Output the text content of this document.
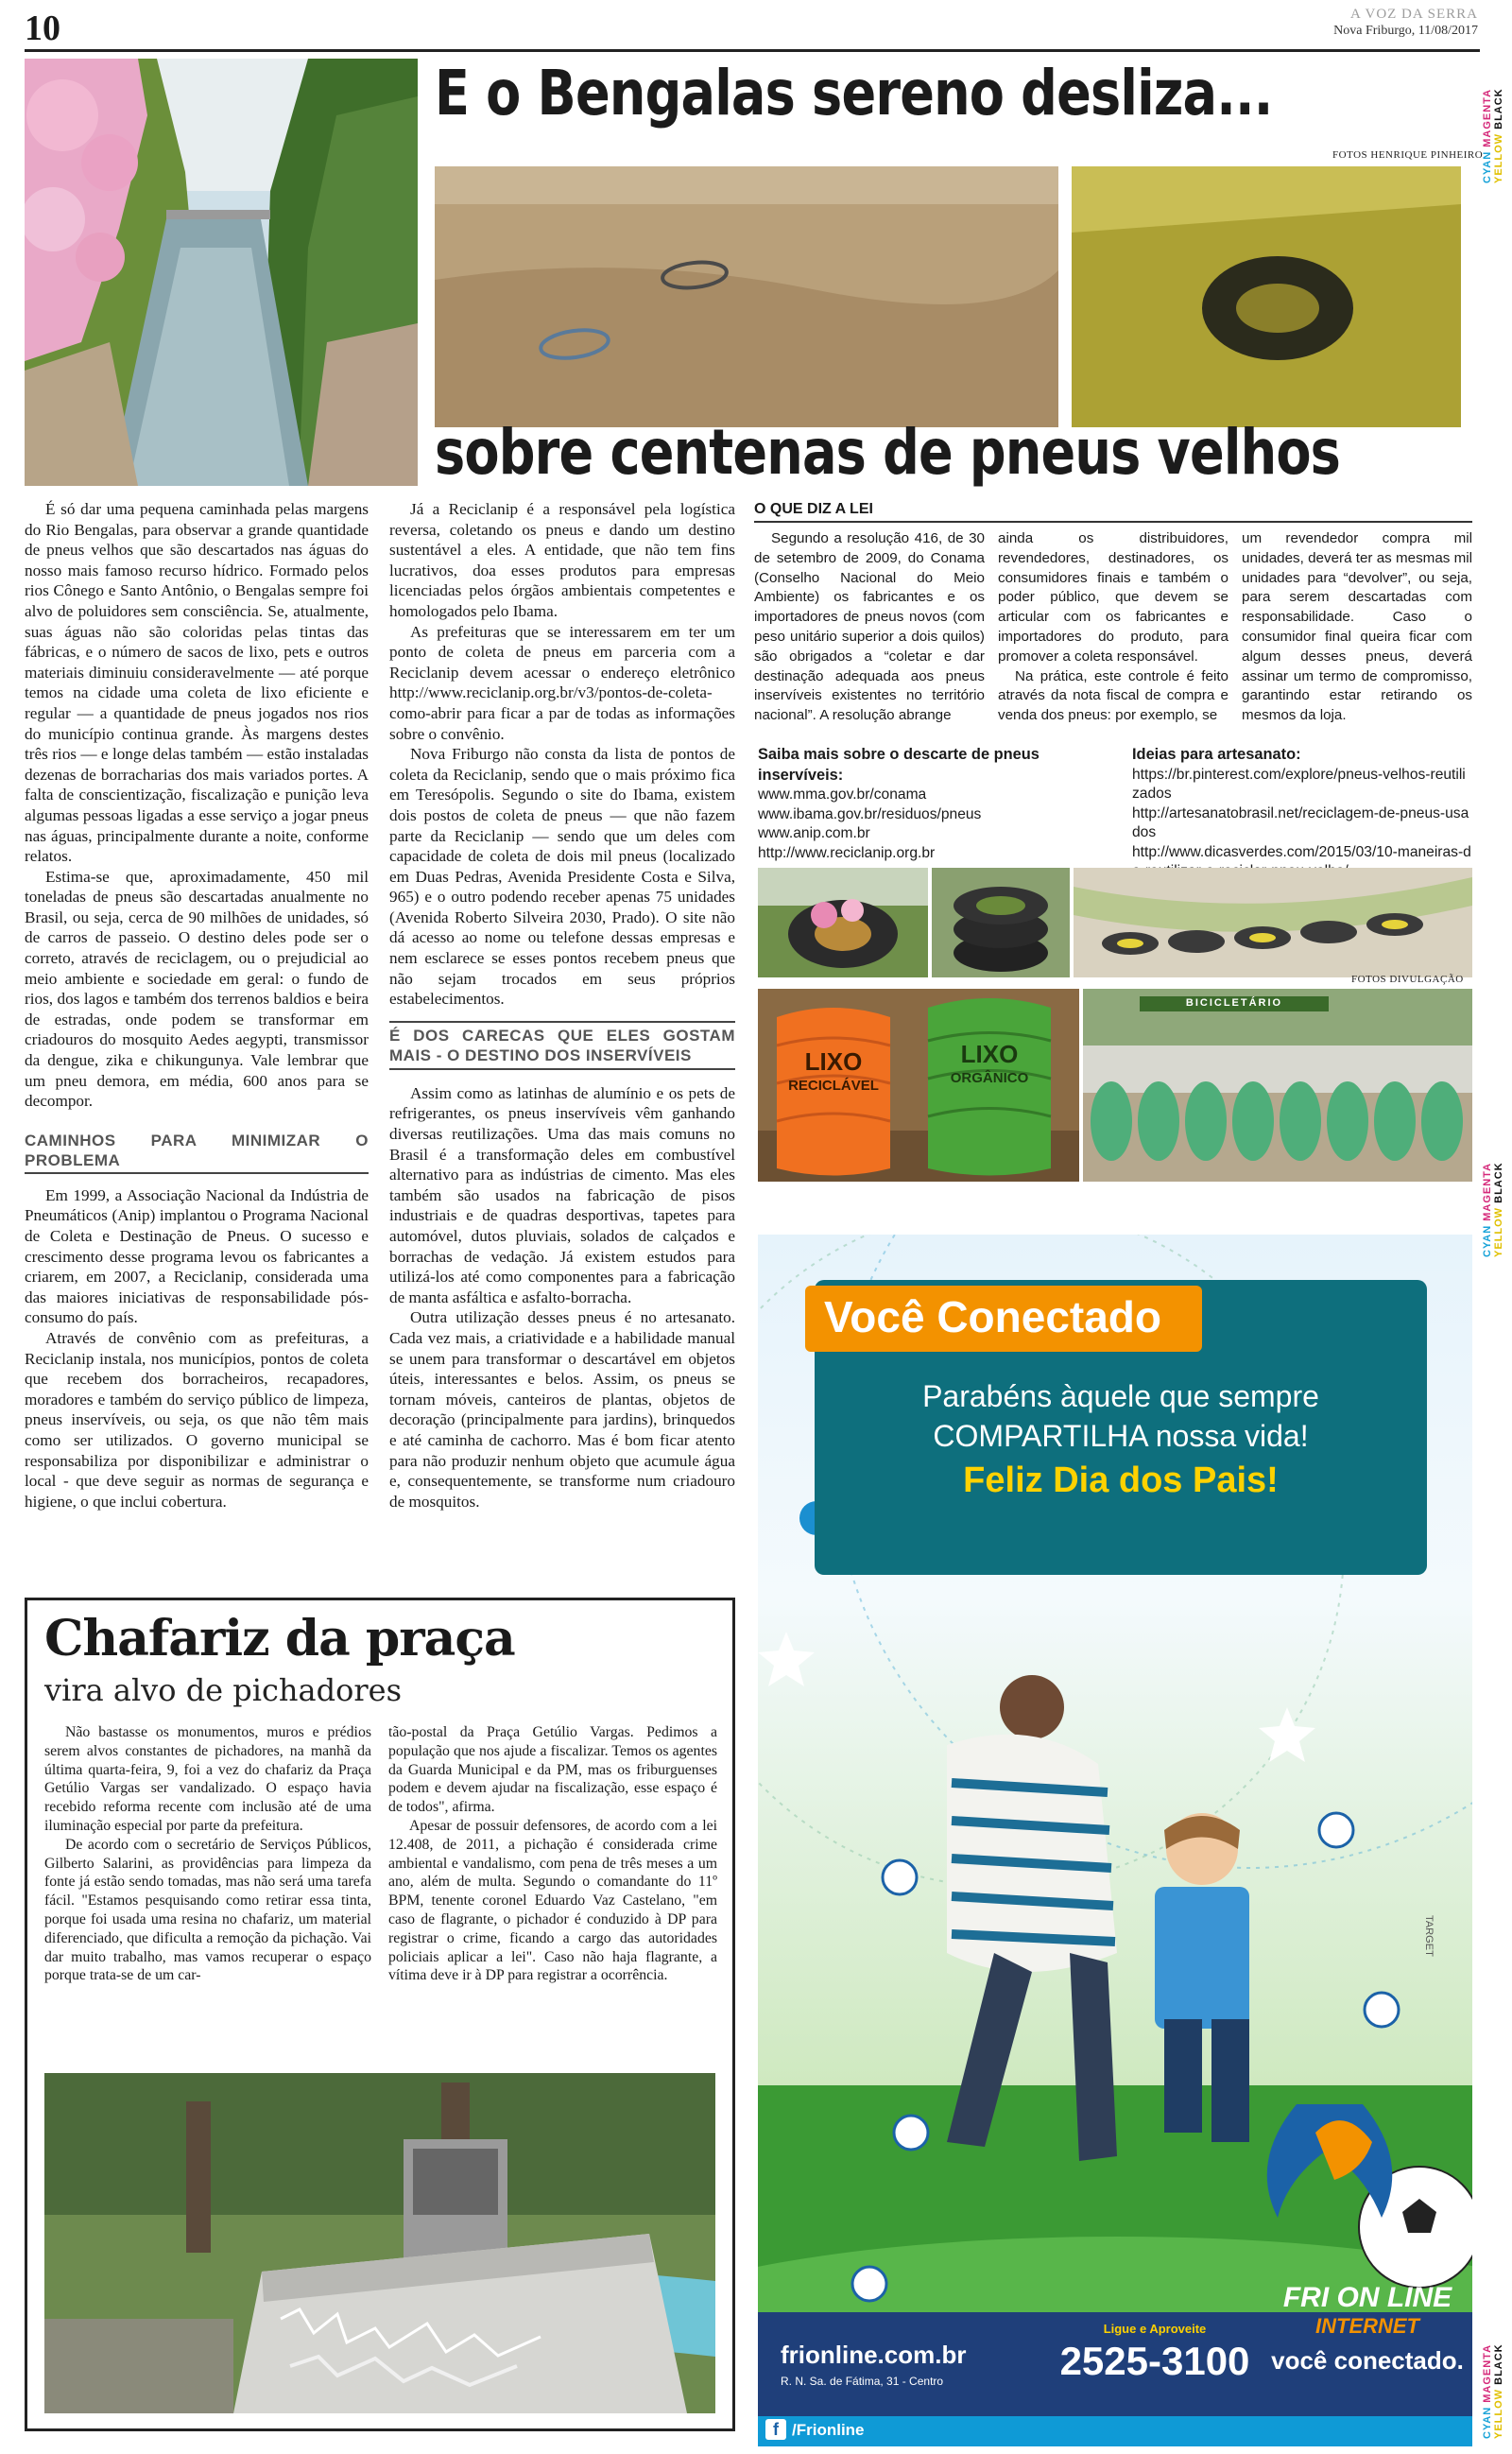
10	A VOZ DA SERRA
Nova Friburgo, 11/08/2017
CYAN MAGENTA YELLOW BLACK
CYAN MAGENTA YELLOW BLACK
CYAN MAGENTA YELLOW BLACK
E o Bengalas sereno desliza...
FOTOS HENRIQUE PINHEIRO
sobre centenas de pneus velhos

É só dar uma pequena caminhada pelas margens do Rio Bengalas, para observar a grande quantidade de pneus velhos que são descartados nas águas do nosso mais famoso recurso hídrico. Formado pelos rios Cônego e Santo Antônio, o Bengalas sempre foi alvo de poluidores sem consciência. Se, atualmente, suas águas não são coloridas pelas tintas das fábricas, e o número de sacos de lixo, pets e outros materiais diminuiu consideravelmente — até porque temos na cidade uma coleta de lixo eficiente e regular — a quantidade de pneus jogados nos rios do município continua grande. Às margens destes três rios — e longe delas também — estão instaladas dezenas de borracharias dos mais variados portes. A falta de conscientização, fiscalização e punição leva algumas pessoas ligadas a esse serviço a jogar pneus nas águas, principalmente durante a noite, conforme relatos.

Estima-se que, aproximadamente, 450 mil toneladas de pneus são descartadas anualmente no Brasil, ou seja, cerca de 90 milhões de unidades, só de carros de passeio. O destino deles pode ser o correto, através de reciclagem, ou o prejudicial ao meio ambiente e sociedade em geral: o fundo de rios, dos lagos e também dos terrenos baldios e beira de estradas, onde podem se transformar em criadouros do mosquito Aedes aegypti, transmissor da dengue, zika e chikungunya. Vale lembrar que um pneu demora, em média, 600 anos para se decompor.

CAMINHOS PARA MINIMIZAR O PROBLEMA

Em 1999, a Associação Nacional da Indústria de Pneumáticos (Anip) implantou o Programa Nacional de Coleta e Destinação de Pneus. O sucesso e crescimento desse programa levou os fabricantes a criarem, em 2007, a Reciclanip, considerada uma das maiores iniciativas de responsabilidade pós-consumo do país.

Através de convênio com as prefeituras, a Reciclanip instala, nos municípios, pontos de coleta que recebem dos borracheiros, recapadores, moradores e também do serviço público de limpeza, pneus inservíveis, ou seja, os que não têm mais como ser utilizados. O governo municipal se responsabiliza por disponibilizar e administrar o local - que deve seguir as normas de segurança e higiene, o que inclui cobertura.

Já a Reciclanip é a responsável pela logística reversa, coletando os pneus e dando um destino sustentável a eles. A entidade, que não tem fins lucrativos, doa esses produtos para empresas licenciadas pelos órgãos ambientais competentes e homologados pelo Ibama.

As prefeituras que se interessarem em ter um ponto de coleta de pneus em parceria com a Reciclanip devem acessar o endereço eletrônico http://www.reciclanip.org.br/v3/pontos-de-coleta-como-abrir para ficar a par de todas as informações sobre o convênio.

Nova Friburgo não consta da lista de pontos de coleta da Reciclanip, sendo que o mais próximo fica em Teresópolis. Segundo o site do Ibama, existem dois postos de coleta de pneus — que não fazem parte da Reciclanip — sendo que um deles com capacidade de coleta de dois mil pneus (localizado em Duas Pedras, Avenida Presidente Costa e Silva, 965) e o outro podendo receber apenas 75 unidades (Avenida Roberto Silveira 2030, Prado). O site não dá acesso ao nome ou telefone dessas empresas e nem esclarece se esses pontos recebem pneus que não sejam trocados em seus próprios estabelecimentos.

É DOS CARECAS QUE ELES GOSTAM MAIS - O DESTINO DOS INSERVÍVEIS

Assim como as latinhas de alumínio e os pets de refrigerantes, os pneus inservíveis vêm ganhando diversas reutilizações. Uma das mais comuns no Brasil é a transformação deles em combustível alternativo para as indústrias de cimento. Mas eles também são usados na fabricação de pisos industriais e de quadras desportivas, tapetes para automóvel, dutos pluviais, solados de calçados e borrachas de vedação. Já existem estudos para utilizá-los até como componentes para a fabricação de manta asfáltica e asfalto-borracha.

Outra utilização desses pneus é no artesanato. Cada vez mais, a criatividade e a habilidade manual se unem para transformar o descartável em objetos úteis, interessantes e belos. Assim, os pneus se tornam móveis, canteiros de plantas, objetos de decoração (principalmente para jardins), brinquedos e até caminha de cachorro. Mas é bom ficar atento para não produzir nenhum objeto que acumule água e, consequentemente, se transforme num criadouro de mosquitos.

O QUE DIZ A LEI

Segundo a resolução 416, de 30 de setembro de 2009, do Conama (Conselho Nacional do Meio Ambiente) os fabricantes e os importadores de pneus novos (com peso unitário superior a dois quilos) são obrigados a “coletar e dar destinação adequada aos pneus inservíveis existentes no território nacional”. A resolução abrange

ainda os distribuidores, revendedores, destinadores, os consumidores finais e também o poder público, que devem se articular com os fabricantes e importadores do produto, para promover a coleta responsável.

Na prática, este controle é feito através da nota fiscal de compra e venda dos pneus: por exemplo, se

um revendedor compra mil unidades, deverá ter as mesmas mil unidades para “devolver”, ou seja, para serem descartadas com responsabilidade. Caso o consumidor final queira ficar com algum desses pneus, deverá assinar um termo de compromisso, garantindo estar retirando os mesmos da loja.

Saiba mais sobre o descarte de pneus inservíveis:
www.mma.gov.br/conama
www.ibama.gov.br/residuos/pneus
www.anip.com.br
http://www.reciclanip.org.br
Ideias para artesanato:
https://br.pinterest.com/explore/pneus-velhos-reutilizados
http://artesanatobrasil.net/reciclagem-de-pneus-usados
http://www.dicasverdes.com/2015/03/10-maneiras-d
FOTOS DIVULGAÇÃO
LIXO
RECICLÁVEL
LIXO
ORGÂNICO
BICICLETÁRIO
Chafariz da praça
vira alvo de pichadores

Não bastasse os monumentos, muros e prédios serem alvos constantes de pichadores, na manhã da última quarta-feira, 9, foi a vez do chafariz da Praça Getúlio Vargas ser vandalizado. O espaço havia recebido reforma recente com inclusão até de uma iluminação especial por parte da prefeitura.

De acordo com o secretário de Serviços Públicos, Gilberto Salarini, as providências para limpeza da fonte já estão sendo tomadas, mas não será uma tarefa fácil. "Estamos pesquisando como retirar essa tinta, porque foi usada uma resina no chafariz, um material diferenciado, que dificulta a remoção da pichação. Vai dar muito trabalho, mas vamos recuperar o espaço porque trata-se de um car-

tão-postal da Praça Getúlio Vargas. Pedimos a população que nos ajude a fiscalizar. Temos os agentes da Guarda Municipal e da PM, mas os friburguenses podem e devem ajudar na fiscalização, esse espaço é de todos", afirma.

Apesar de possuir defensores, de acordo com a lei 12.408, de 2011, a pichação é considerada crime ambiental e vandalismo, com pena de três meses a um ano, além de multa. Segundo o comandante do 11º BPM, tenente coronel Eduardo Vaz Castelano, "em caso de flagrante, o pichador é conduzido à DP para registrar o crime, ficando a cargo das autoridades policiais aplicar a lei". Caso não haja flagrante, a vítima deve ir à DP para registrar a ocorrência.

Você Conectado
Parabéns àquele que sempre
COMPARTILHA nossa vida!
Feliz Dia dos Pais!
TARGET
frionline.com.br
R. N. Sa. de Fátima, 31 - Centro
Ligue e Aproveite
2525-3100
FRI ON LINE
INTERNET
você conectado.
f /Frionline
